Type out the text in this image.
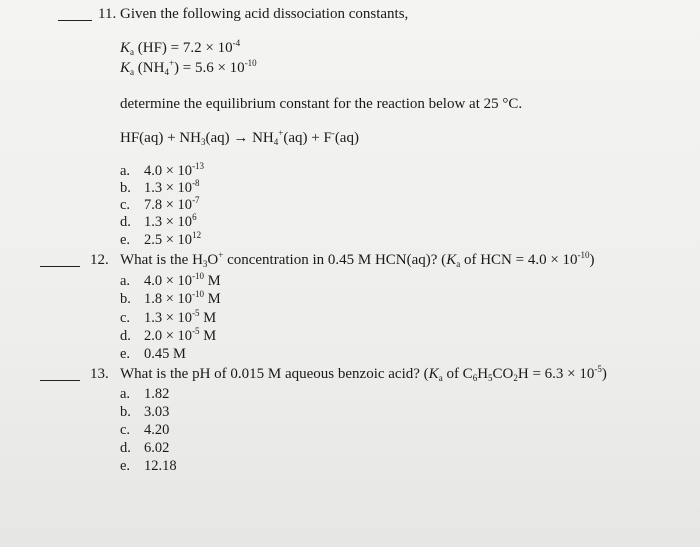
11. Given the following acid dissociation constants,
$K_a$ $(HF) = 7.2 \times 10^{-4}$
$K_a$ $(NH_4^+) = 5.6 \times 10^{-10}$
determine the equilibrium constant for the reaction below at 25 °C.
$HF(aq) + NH_3(aq) \to NH_4^+(aq) + F^-(aq)$
a. $4.0 \times 10^{-13}$
b. $1.3 \times 10^{-8}$
c. $7.8 \times 10^{-7}$
d. $1.3 \times 10^6$
e. $2.5 \times 10^{12}$
12. What is the $H_3O^+$ concentration in 0.45 M HCN(aq)? ($K_a$ of HCN = $4.0 \times 10^{-10}$)
a. $4.0 \times 10^{-10}$ M
b. $1.8 \times 10^{-10}$ M
c. $1.3 \times 10^{-5}$ M
d. $2.0 \times 10^{-5}$ M
e. 0.45 M
13. What is the pH of 0.015 M aqueous benzoic acid? ($K_a$ of $C_6H_5CO_2H = 6.3 \times 10^{-5}$)
a. 1.82
b. 3.03
c. 4.20
d. 6.02
e. 12.18
